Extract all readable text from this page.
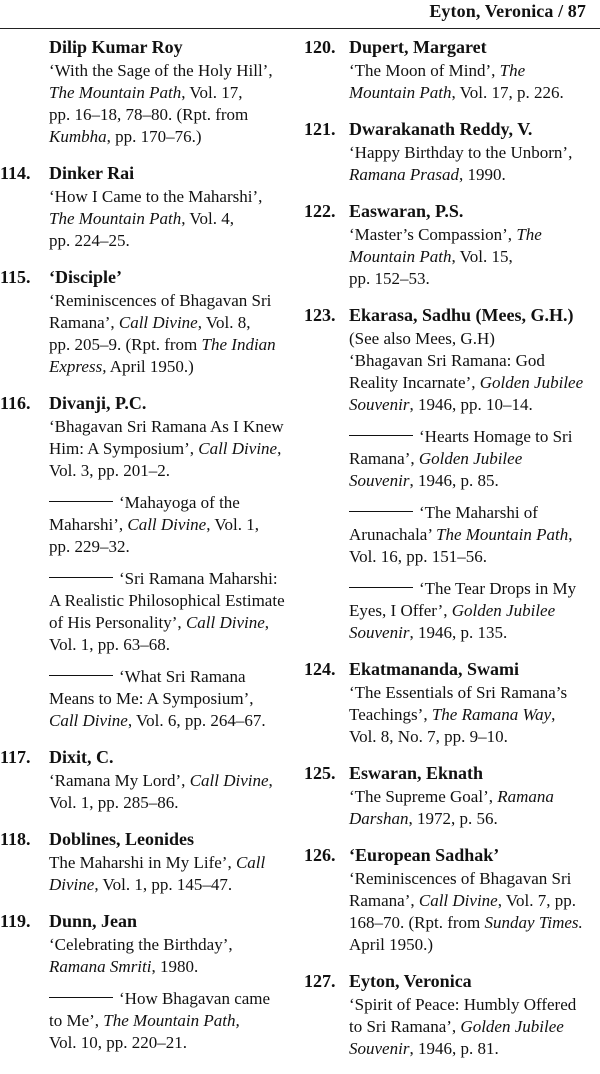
Eyton, Veronica / 87
Dilip Kumar Roy
‘With the Sage of the Holy Hill’,
The Mountain Path, Vol. 17,
pp. 16–18, 78–80. (Rpt. from
Kumbha, pp. 170–76.)
114.	Dinker Rai
‘How I Came to the Maharshi’,
The Mountain Path, Vol. 4,
pp. 224–25.
115.	‘Disciple’
‘Reminiscences of Bhagavan Sri
Ramana’, Call Divine, Vol. 8,
pp. 205–9. (Rpt. from The Indian
Express, April 1950.)
116.	Divanji, P.C.
‘Bhagavan Sri Ramana As I Knew
Him: A Symposium’, Call Divine,
Vol. 3, pp. 201–2.
‘Mahayoga of the
Maharshi’, Call Divine, Vol. 1,
pp. 229–32.
‘Sri Ramana Maharshi:
A Realistic Philosophical Estimate
of His Personality’, Call Divine,
Vol. 1, pp. 63–68.
‘What Sri Ramana
Means to Me: A Symposium’,
Call Divine, Vol. 6, pp. 264–67.
117.	Dixit, C.
‘Ramana My Lord’, Call Divine,
Vol. 1, pp. 285–86.
118.	Doblines, Leonides
The Maharshi in My Life’, Call
Divine, Vol. 1, pp. 145–47.
119.	Dunn, Jean
‘Celebrating the Birthday’,
Ramana Smriti, 1980.
‘How Bhagavan came
to Me’, The Mountain Path,
Vol. 10, pp. 220–21.
120. Dupert, Margaret
‘The Moon of Mind’, The
Mountain Path, Vol. 17, p. 226.
121. Dwarakanath Reddy, V.
‘Happy Birthday to the Unborn’,
Ramana Prasad, 1990.
122. Easwaran, P.S.
‘Master’s Compassion’, The
Mountain Path, Vol. 15,
pp. 152–53.
123. Ekarasa, Sadhu (Mees, G.H.)
(See also Mees, G.H)
‘Bhagavan Sri Ramana: God
Reality Incarnate’, Golden Jubilee
Souvenir, 1946, pp. 10–14.
‘Hearts Homage to Sri
Ramana’, Golden Jubilee
Souvenir, 1946, p. 85.
‘The Maharshi of
Arunachala’ The Mountain Path,
Vol. 16, pp. 151–56.
‘The Tear Drops in My
Eyes, I Offer’, Golden Jubilee
Souvenir, 1946, p. 135.
124. Ekatmananda, Swami
‘The Essentials of Sri Ramana’s
Teachings’, The Ramana Way,
Vol. 8, No. 7, pp. 9–10.
125. Eswaran, Eknath
‘The Supreme Goal’, Ramana
Darshan, 1972, p. 56.
126. ‘European Sadhak’
‘Reminiscences of Bhagavan Sri
Ramana’, Call Divine, Vol. 7, pp.
168–70. (Rpt. from Sunday Times.
April 1950.)
127. Eyton, Veronica
‘Spirit of Peace: Humbly Offered
to Sri Ramana’, Golden Jubilee
Souvenir, 1946, p. 81.
